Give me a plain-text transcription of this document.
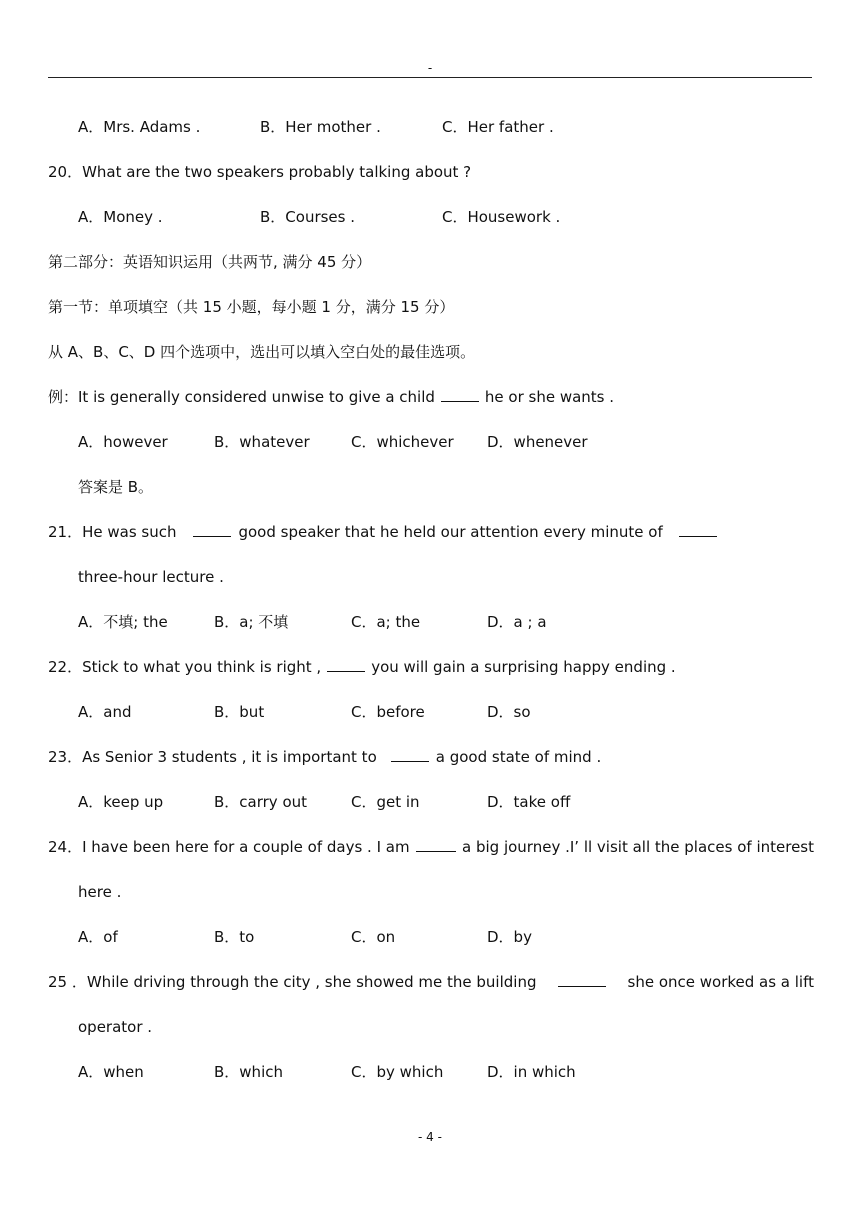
-
A．Mrs. Adams .	B．Her mother .	C．Her father .
20．What are the two speakers probably talking about ?
A．Money .	B．Courses .	C．Housework .
第二部分：英语知识运用（共两节, 满分 45 分）
第一节：单项填空（共 15 小题，每小题 1 分，满分 15 分）
从 A、B、C、D 四个选项中，选出可以填入空白处的最佳选项。
例：It is generally considered unwise to give a child	he or she wants .
A．however	B．whatever	C．whichever D．whenever
答案是 B。
21．He was such	good speaker that he held our attention every minute of
three-hour lecture .
A．不填; the	B．a; 不填	C．a; the	D．a ; a
22．Stick to what you think is right ,	you will gain a surprising happy ending .
A．and	B．but	C．before	D．so
23．As Senior 3 students , it is important to	a good state of mind .
A．keep up	B．carry out	C．get in	D．take off
24．I have been here for a couple of days . I am	a big journey .I’ ll visit all the places of interest
here .
A．of	B．to	C．on	D．by
25 ．While driving through the city , she showed me the building	she once worked as a lift
operator .
A．when	B．which	C．by which	D．in which
- 4 -
